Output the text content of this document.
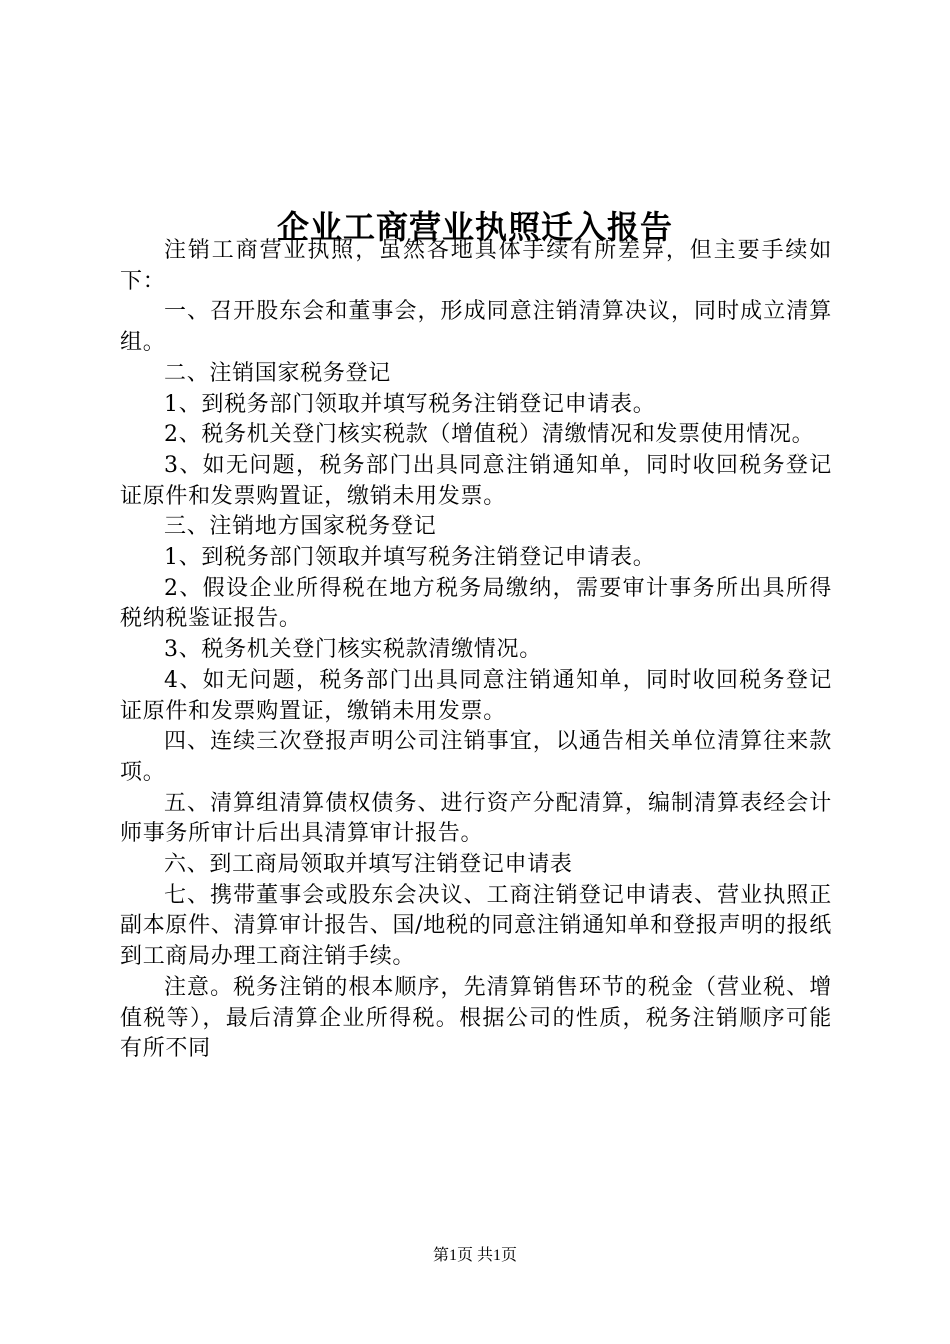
企业工商营业执照迁入报告

注销工商营业执照，虽然各地具体手续有所差异，但主要手续如下：

一、召开股东会和董事会，形成同意注销清算决议，同时成立清算组。

二、注销国家税务登记

1、到税务部门领取并填写税务注销登记申请表。

2、税务机关登门核实税款（增值税）清缴情况和发票使用情况。

3、如无问题，税务部门出具同意注销通知单，同时收回税务登记证原件和发票购置证，缴销未用发票。

三、注销地方国家税务登记

1、到税务部门领取并填写税务注销登记申请表。

2、假设企业所得税在地方税务局缴纳，需要审计事务所出具所得税纳税鉴证报告。

3、税务机关登门核实税款清缴情况。

4、如无问题，税务部门出具同意注销通知单，同时收回税务登记证原件和发票购置证，缴销未用发票。

四、连续三次登报声明公司注销事宜，以通告相关单位清算往来款项。

五、清算组清算债权债务、进行资产分配清算，编制清算表经会计师事务所审计后出具清算审计报告。

六、到工商局领取并填写注销登记申请表

七、携带董事会或股东会决议、工商注销登记申请表、营业执照正副本原件、清算审计报告、国/地税的同意注销通知单和登报声明的报纸到工商局办理工商注销手续。

注意。税务注销的根本顺序，先清算销售环节的税金（营业税、增值税等），最后清算企业所得税。根据公司的性质，税务注销顺序可能有所不同

第1页 共1页
